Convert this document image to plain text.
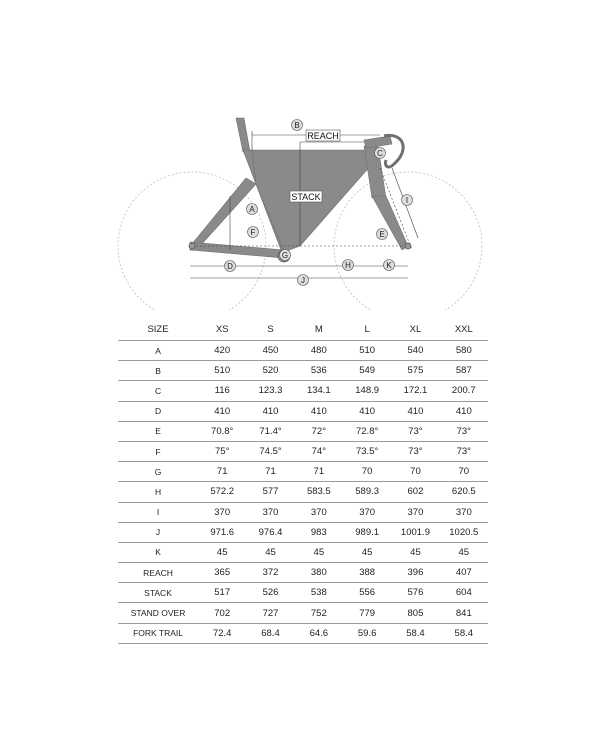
B
REACH
C
STACK
A
I
F	E
G
D	H	K
J
SIZE	XS	S	M	L	XL	XXL
A	420	450	480	510	540	580
B	510	520	536	549	575	587
C	116	123.3	134.1	148.9	172.1	200.7
D	410	410	410	410	410	410
E	70.8°	71.4°	72°	72.8°	73°	73°
F	75°	74.5°	74°	73.5°	73°	73°
G	71	71	71	70	70	70
H	572.2	577	583.5	589.3	602	620.5
I	370	370	370	370	370	370
J	971.6	976.4	983	989.1	1001.9	1020.5
K	45	45	45	45	45	45
REACH	365	372	380	388	396	407
STACK	517	526	538	556	576	604
STAND OVER	702	727	752	779	805	841
FORK TRAIL	72.4	68.4	64.6	59.6	58.4	58.4
